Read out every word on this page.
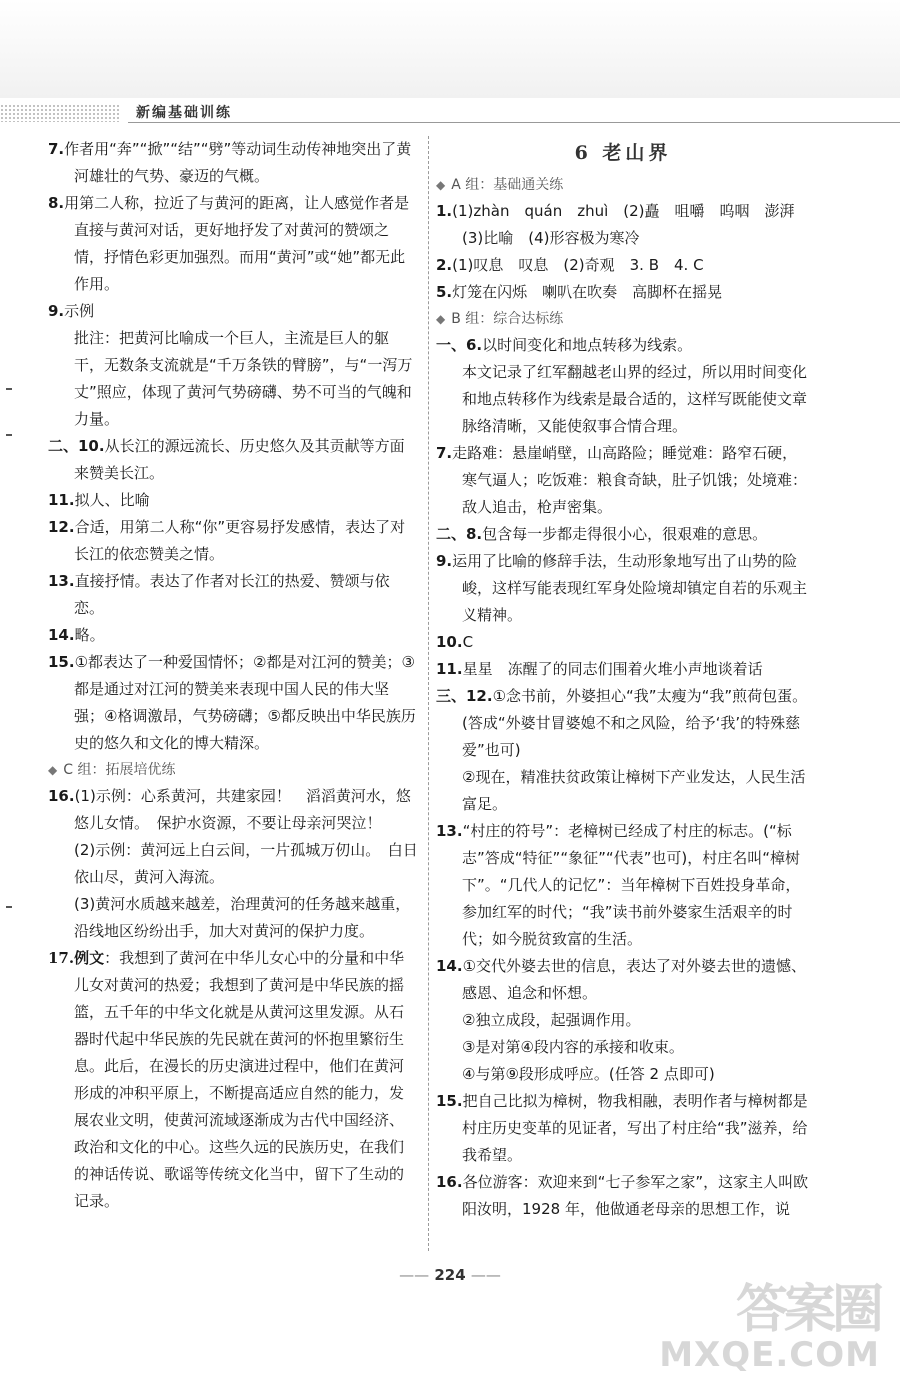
新编基础训练
7.作者用“奔”“掀”“结”“劈”等动词生动传神地突出了黄河雄壮的气势、豪迈的气概。
8.用第二人称，拉近了与黄河的距离，让人感觉作者是直接与黄河对话，更好地抒发了对黄河的赞颂之情，抒情色彩更加强烈。而用“黄河”或“她”都无此作用。
9.示例
批注：把黄河比喻成一个巨人，主流是巨人的躯干，无数条支流就是“千万条铁的臂膀”，与“一泻万丈”照应，体现了黄河气势磅礴、势不可当的气魄和力量。
二、10.从长江的源远流长、历史悠久及其贡献等方面来赞美长江。
11.拟人、比喻
12.合适，用第二人称“你”更容易抒发感情，表达了对长江的依恋赞美之情。
13.直接抒情。表达了作者对长江的热爱、赞颂与依恋。
14.略。
15.①都表达了一种爱国情怀；②都是对江河的赞美；③都是通过对江河的赞美来表现中国人民的伟大坚强；④格调激昂，气势磅礴；⑤都反映出中华民族历史的悠久和文化的博大精深。
◆ C 组：拓展培优练
16.(1)示例：心系黄河，共建家园！　滔滔黄河水，悠悠儿女情。　保护水资源，不要让母亲河哭泣！
(2)示例：黄河远上白云间，一片孤城万仞山。　白日依山尽，黄河入海流。
(3)黄河水质越来越差，治理黄河的任务越来越重，沿线地区纷纷出手，加大对黄河的保护力度。
17.例文：我想到了黄河在中华儿女心中的分量和中华儿女对黄河的热爱；我想到了黄河是中华民族的摇篮，五千年的中华文化就是从黄河这里发源。从石器时代起中华民族的先民就在黄河的怀抱里繁衍生息。此后，在漫长的历史演进过程中，他们在黄河形成的冲积平原上，不断提高适应自然的能力，发展农业文明，使黄河流域逐渐成为古代中国经济、政治和文化的中心。这些久远的民族历史，在我们的神话传说、歌谣等传统文化当中，留下了生动的记录。
6 老山界
◆ A 组：基础通关练
1.(1)zhàn　quán　zhuì　(2)矗　咀嚼　呜咽　澎湃　(3)比喻　(4)形容极为寒冷
2.(1)叹息　叹息　(2)奇观　3. B　4. C
5.灯笼在闪烁　喇叭在吹奏　高脚杯在摇晃
◆ B 组：综合达标练
一、6.以时间变化和地点转移为线索。
本文记录了红军翻越老山界的经过，所以用时间变化和地点转移作为线索是最合适的，这样写既能使文章脉络清晰，又能使叙事合情合理。
7.走路难：悬崖峭壁，山高路险；睡觉难：路窄石硬，寒气逼人；吃饭难：粮食奇缺，肚子饥饿；处境难：敌人追击，枪声密集。
二、8.包含每一步都走得很小心，很艰难的意思。
9.运用了比喻的修辞手法，生动形象地写出了山势的险峻，这样写能表现红军身处险境却镇定自若的乐观主义精神。
10.C
11.星星　冻醒了的同志们围着火堆小声地谈着话
三、12.①念书前，外婆担心“我”太瘦为“我”煎荷包蛋。(答成“外婆甘冒婆媳不和之风险，给予‘我’的特殊慈爱”也可)
②现在，精准扶贫政策让樟树下产业发达，人民生活富足。
13.“村庄的符号”：老樟树已经成了村庄的标志。(“标志”答成“特征”“象征”“代表”也可)，村庄名叫“樟树下”。“几代人的记忆”：当年樟树下百姓投身革命，参加红军的时代；“我”读书前外婆家生活艰辛的时代；如今脱贫致富的生活。
14.①交代外婆去世的信息，表达了对外婆去世的遗憾、感恩、追念和怀想。
②独立成段，起强调作用。
③是对第④段内容的承接和收束。
④与第⑨段形成呼应。(任答 2 点即可)
15.把自己比拟为樟树，物我相融，表明作者与樟树都是村庄历史变革的见证者，写出了村庄给“我”滋养，给我希望。
16.各位游客：欢迎来到“七子参军之家”，这家主人叫欧阳汝明，1928 年，他做通老母亲的思想工作，说
—— 224 ——
答案圈
MXQE.COM
